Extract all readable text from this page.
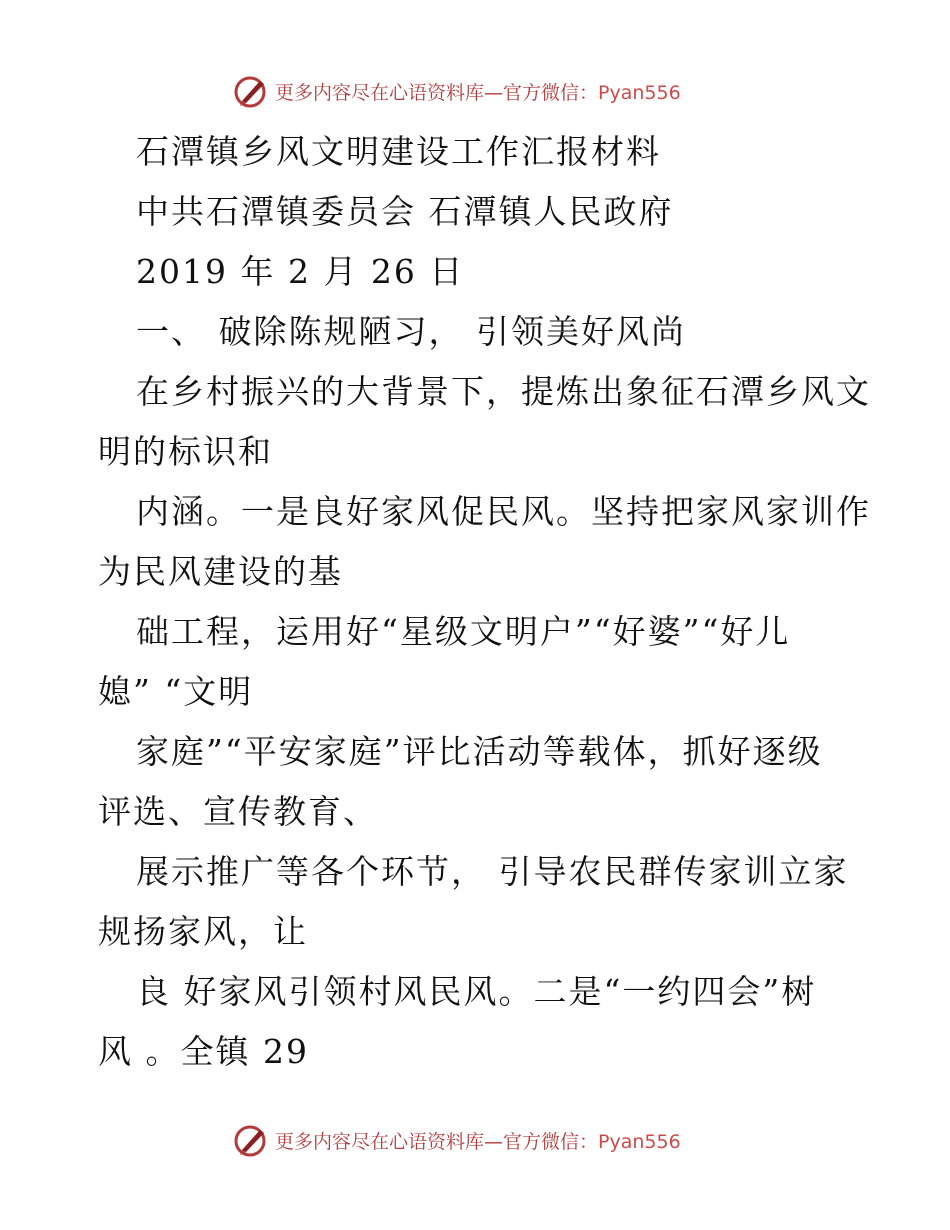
更多内容尽在心语资料库—官方微信：Pyan556
石潭镇乡风文明建设工作汇报材料
中共石潭镇委员会 石潭镇人民政府
2019 年 2 月 26 日
一、 破除陈规陋习， 引领美好风尚
在乡村振兴的大背景下，提炼出象征石潭乡风文
明的标识和
内涵。一是良好家风促民风。坚持把家风家训作
为民风建设的基
础工程，运用好“星级文明户”“好婆”“好儿
媳” “文明
家庭”“平安家庭”评比活动等载体，抓好逐级
评选、宣传教育、
展示推广等各个环节， 引导农民群传家训立家
规扬家风，让
良 好家风引领村风民风。二是“一约四会”树
风 。全镇 29
更多内容尽在心语资料库—官方微信：Pyan556
